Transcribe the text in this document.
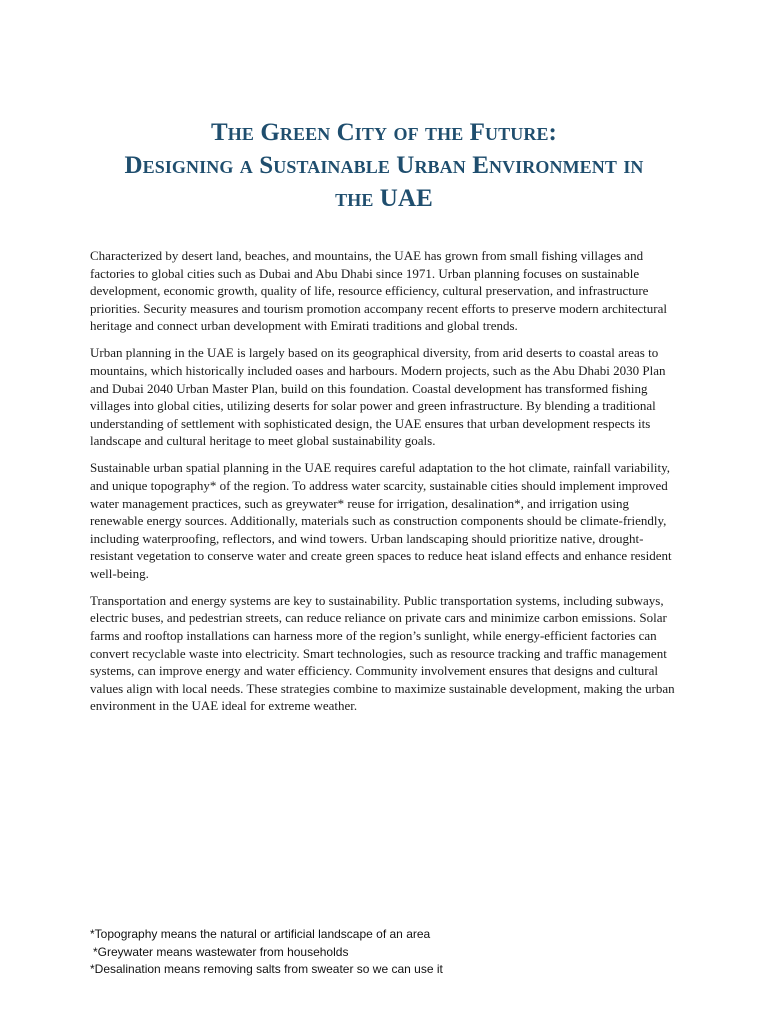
The Green City of the Future:
Designing a Sustainable Urban Environment in
the UAE

Characterized by desert land, beaches, and mountains, the UAE has grown from small fishing villages and factories to global cities such as Dubai and Abu Dhabi since 1971. Urban planning focuses on sustainable development, economic growth, quality of life, resource efficiency, cultural preservation, and infrastructure priorities. Security measures and tourism promotion accompany recent efforts to preserve modern architectural heritage and connect urban development with Emirati traditions and global trends.

Urban planning in the UAE is largely based on its geographical diversity, from arid deserts to coastal areas to mountains, which historically included oases and harbours. Modern projects, such as the Abu Dhabi 2030 Plan and Dubai 2040 Urban Master Plan, build on this foundation. Coastal development has transformed fishing villages into global cities, utilizing deserts for solar power and green infrastructure. By blending a traditional understanding of settlement with sophisticated design, the UAE ensures that urban development respects its landscape and cultural heritage to meet global sustainability goals.

Sustainable urban spatial planning in the UAE requires careful adaptation to the hot climate, rainfall variability, and unique topography* of the region. To address water scarcity, sustainable cities should implement improved water management practices, such as greywater* reuse for irrigation, desalination*, and irrigation using renewable energy sources. Additionally, materials such as construction components should be climate-friendly, including waterproofing, reflectors, and wind towers. Urban landscaping should prioritize native, drought-resistant vegetation to conserve water and create green spaces to reduce heat island effects and enhance resident well-being.

Transportation and energy systems are key to sustainability. Public transportation systems, including subways, electric buses, and pedestrian streets, can reduce reliance on private cars and minimize carbon emissions. Solar farms and rooftop installations can harness more of the region’s sunlight, while energy-efficient factories can convert recyclable waste into electricity. Smart technologies, such as resource tracking and traffic management systems, can improve energy and water efficiency. Community involvement ensures that designs and cultural values align with local needs. These strategies combine to maximize sustainable development, making the urban environment in the UAE ideal for extreme weather.

*Topography means the natural or artificial landscape of an area
*Greywater means wastewater from households
*Desalination means removing salts from sweater so we can use it
